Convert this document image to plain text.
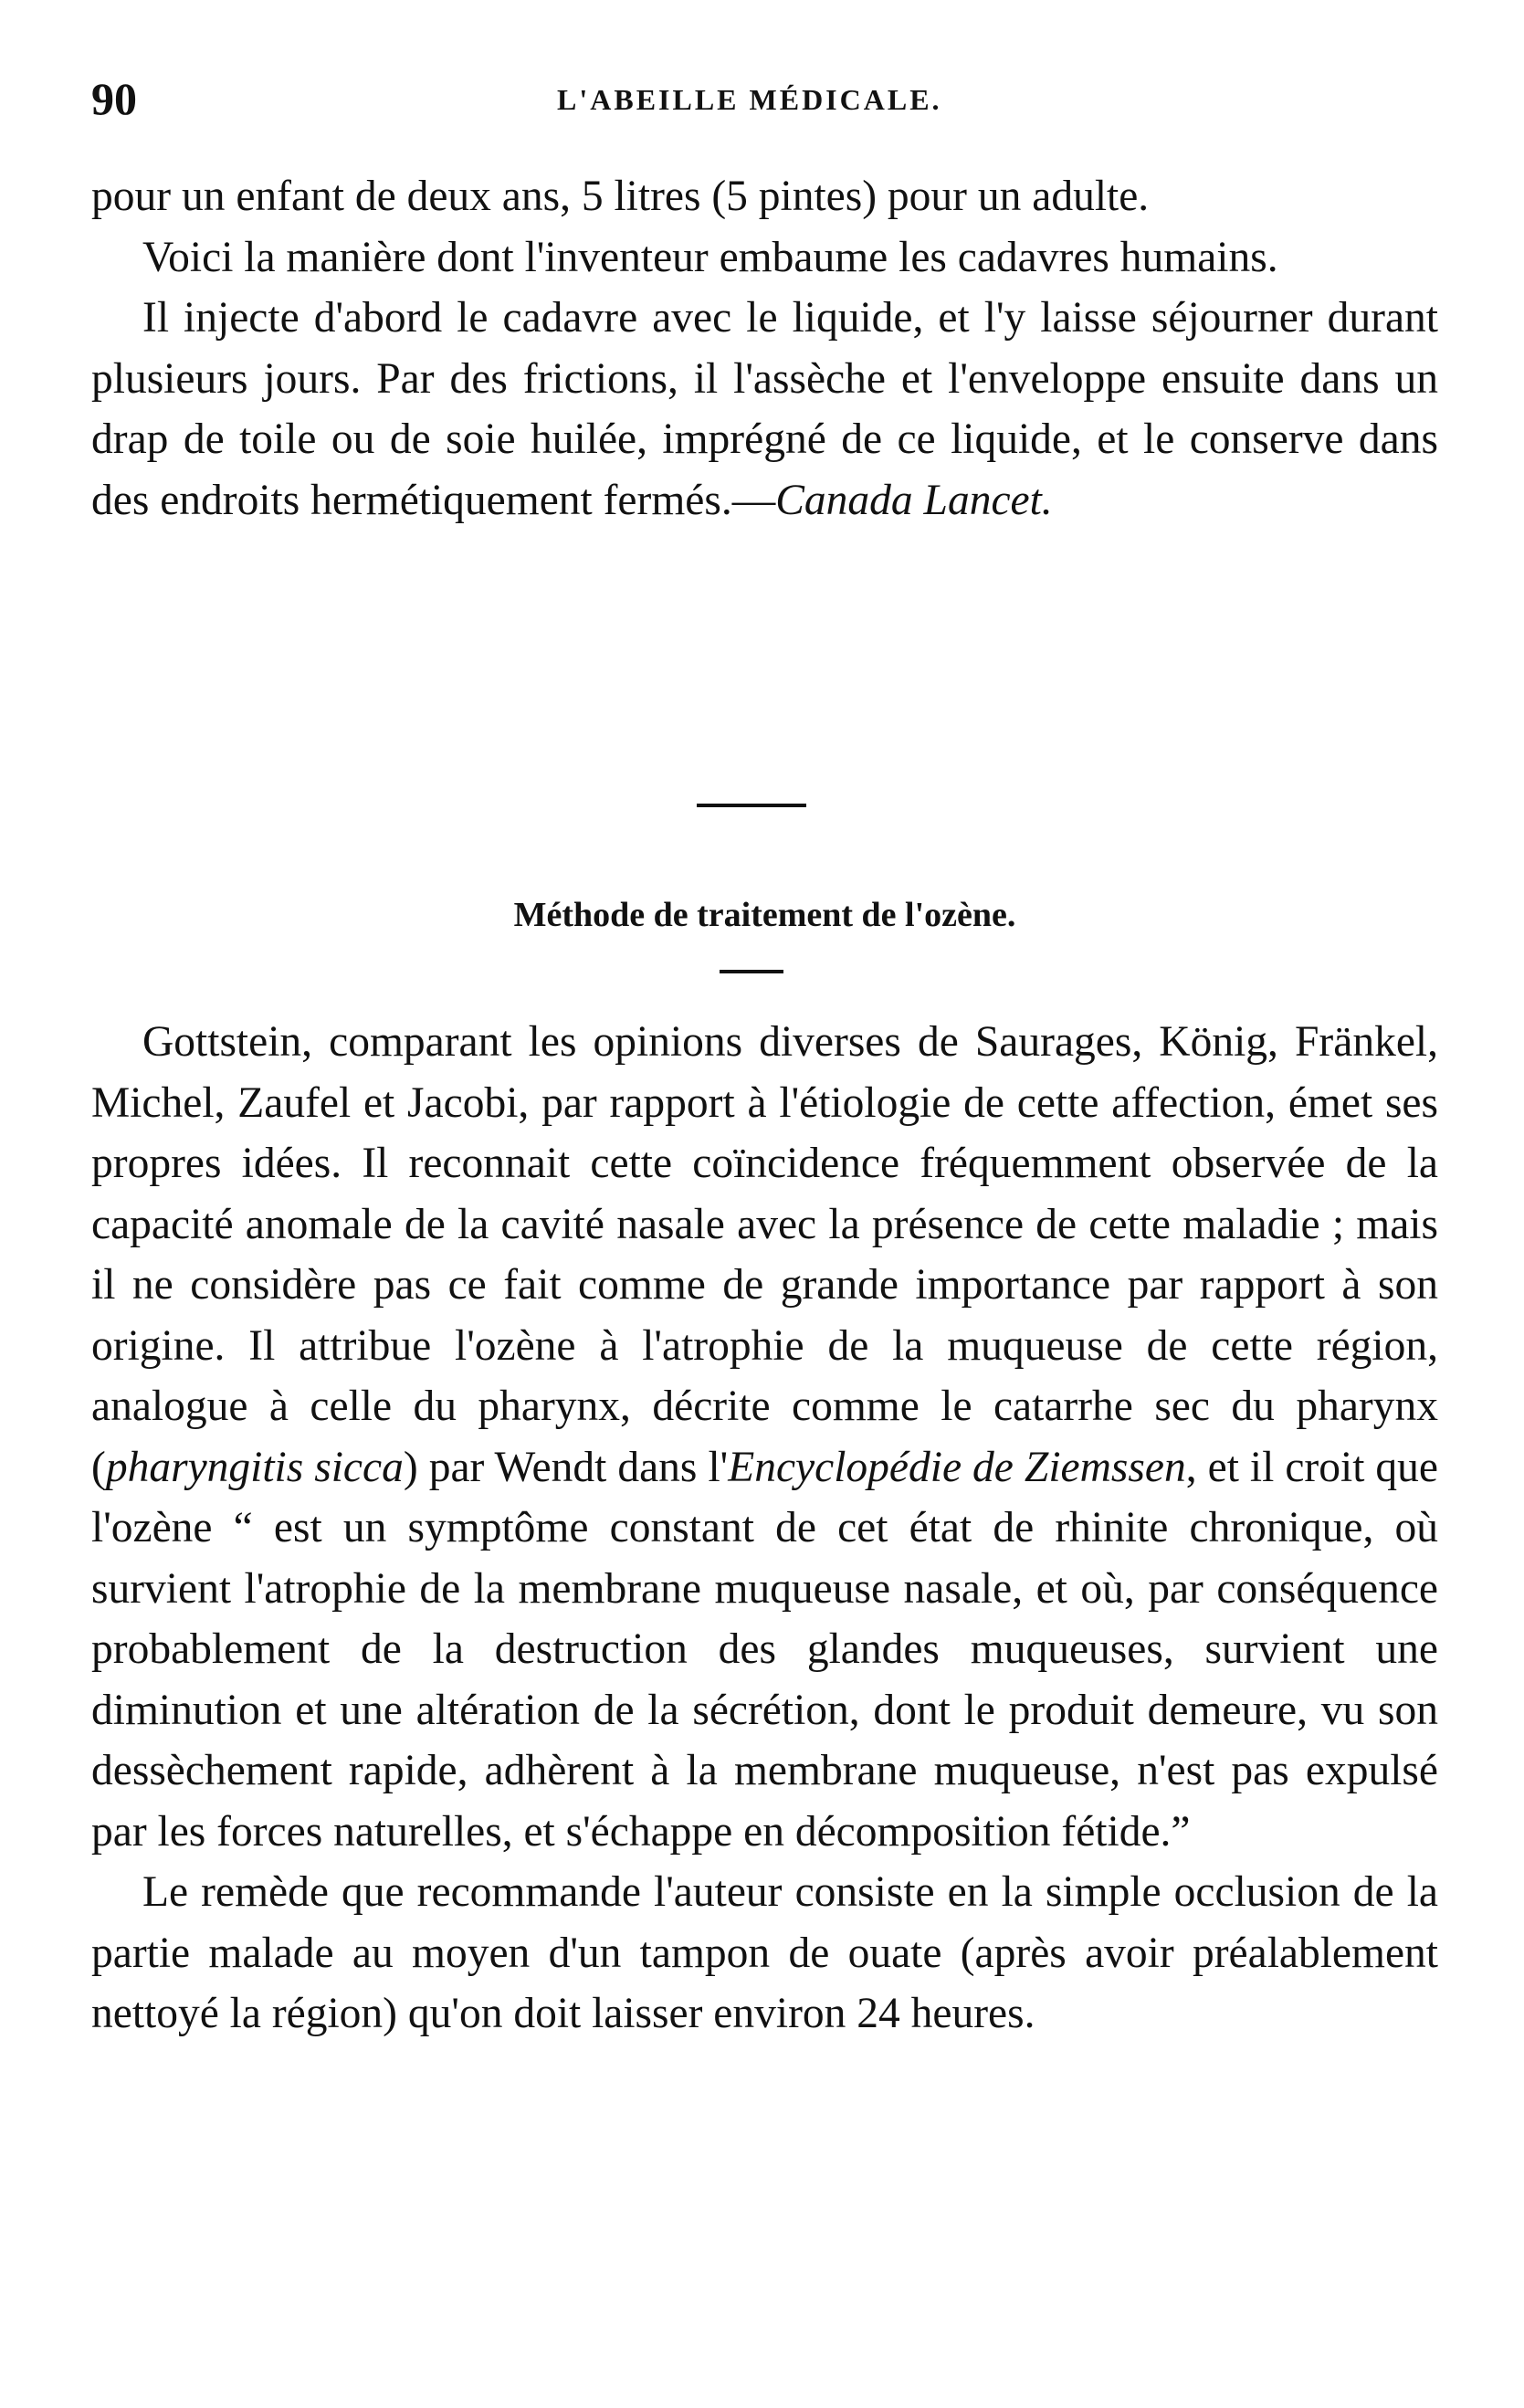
90	L'ABEILLE MÉDICALE.

pour un enfant de deux ans, 5 litres (5 pintes) pour un adulte.

Voici la manière dont l'inventeur embaume les cadavres humains.

Il injecte d'abord le cadavre avec le liquide, et l'y laisse séjourner durant plusieurs jours. Par des frictions, il l'assèche et l'enveloppe ensuite dans un drap de toile ou de soie huilée, imprégné de ce liquide, et le conserve dans des endroits hermétiquement fermés.—Canada Lancet.

Méthode de traitement de l'ozène.

Gottstein, comparant les opinions diverses de Saurages, König, Fränkel, Michel, Zaufel et Jacobi, par rapport à l'étiologie de cette affection, émet ses propres idées. Il reconnait cette coïncidence fréquemment observée de la capacité anomale de la cavité nasale avec la présence de cette maladie ; mais il ne considère pas ce fait comme de grande importance par rapport à son origine. Il attribue l'ozène à l'atrophie de la muqueuse de cette région, analogue à celle du pharynx, décrite comme le catarrhe sec du pharynx (pharyngitis sicca) par Wendt dans l'Encyclopédie de Ziemssen, et il croit que l'ozène “ est un symptôme constant de cet état de rhinite chronique, où survient l'atrophie de la membrane muqueuse nasale, et où, par conséquence probablement de la destruction des glandes muqueuses, survient une diminution et une altération de la sécrétion, dont le produit demeure, vu son dessèchement rapide, adhèrent à la membrane muqueuse, n'est pas expulsé par les forces naturelles, et s'échappe en décomposition fétide.”

Le remède que recommande l'auteur consiste en la simple occlusion de la partie malade au moyen d'un tampon de ouate (après avoir préalablement nettoyé la région) qu'on doit laisser environ 24 heures.
